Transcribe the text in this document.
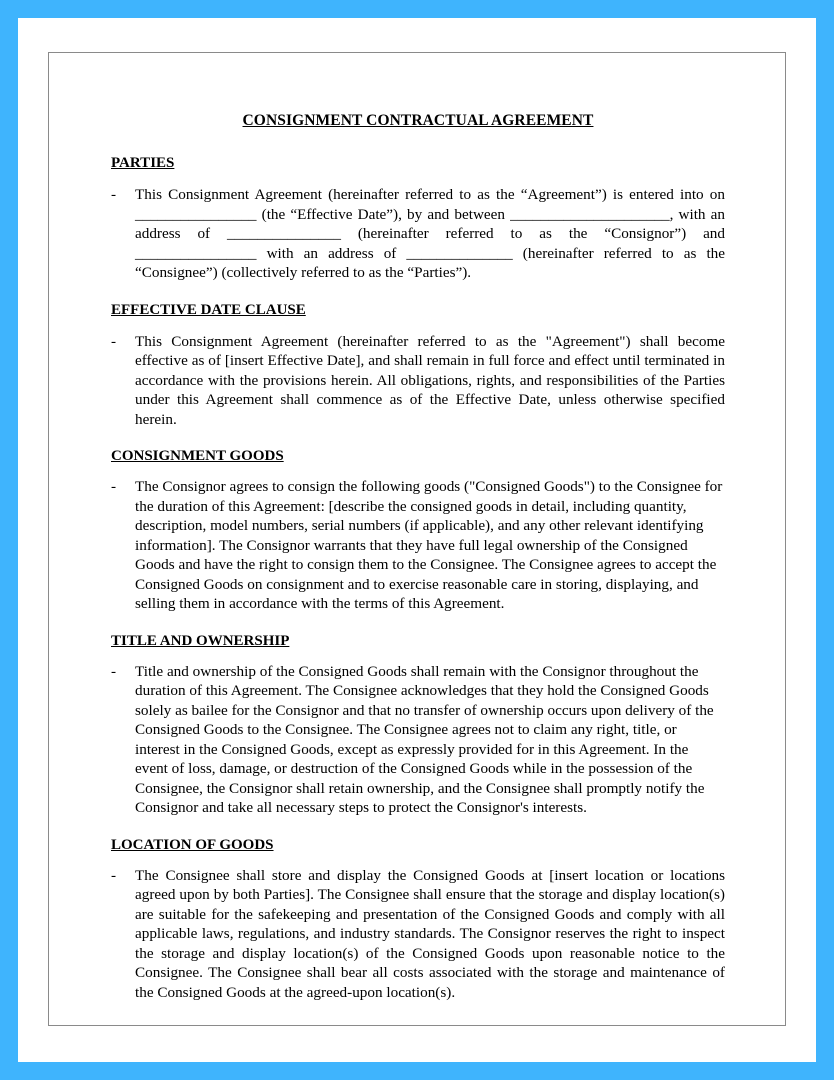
CONSIGNMENT CONTRACTUAL AGREEMENT
PARTIES
-	This Consignment Agreement (hereinafter referred to as the “Agreement”) is entered into on ________________ (the “Effective Date”), by and between _____________________, with an address of _______________ (hereinafter referred to as the “Consignor”) and ________________ with an address of ______________ (hereinafter referred to as the “Consignee”) (collectively referred to as the “Parties”).

EFFECTIVE DATE CLAUSE
-	This Consignment Agreement (hereinafter referred to as the "Agreement") shall become effective as of [insert Effective Date], and shall remain in full force and effect until terminated in accordance with the provisions herein. All obligations, rights, and responsibilities of the Parties under this Agreement shall commence as of the Effective Date, unless otherwise specified herein.

CONSIGNMENT GOODS
-	The Consignor agrees to consign the following goods ("Consigned Goods") to the Consignee for the duration of this Agreement: [describe the consigned goods in detail, including quantity, description, model numbers, serial numbers (if applicable), and any other relevant identifying information]. The Consignor warrants that they have full legal ownership of the Consigned Goods and have the right to consign them to the Consignee. The Consignee agrees to accept the Consigned Goods on consignment and to exercise reasonable care in storing, displaying, and selling them in accordance with the terms of this Agreement.

TITLE AND OWNERSHIP
-	Title and ownership of the Consigned Goods shall remain with the Consignor throughout the duration of this Agreement. The Consignee acknowledges that they hold the Consigned Goods solely as bailee for the Consignor and that no transfer of ownership occurs upon delivery of the Consigned Goods to the Consignee. The Consignee agrees not to claim any right, title, or interest in the Consigned Goods, except as expressly provided for in this Agreement. In the event of loss, damage, or destruction of the Consigned Goods while in the possession of the Consignee, the Consignor shall retain ownership, and the Consignee shall promptly notify the Consignor and take all necessary steps to protect the Consignor's interests.

LOCATION OF GOODS
-	The Consignee shall store and display the Consigned Goods at [insert location or locations agreed upon by both Parties]. The Consignee shall ensure that the storage and display location(s) are suitable for the safekeeping and presentation of the Consigned Goods and comply with all applicable laws, regulations, and industry standards. The Consignor reserves the right to inspect the storage and display location(s) of the Consigned Goods upon reasonable notice to the Consignee. The Consignee shall bear all costs associated with the storage and maintenance of the Consigned Goods at the agreed-upon location(s).
